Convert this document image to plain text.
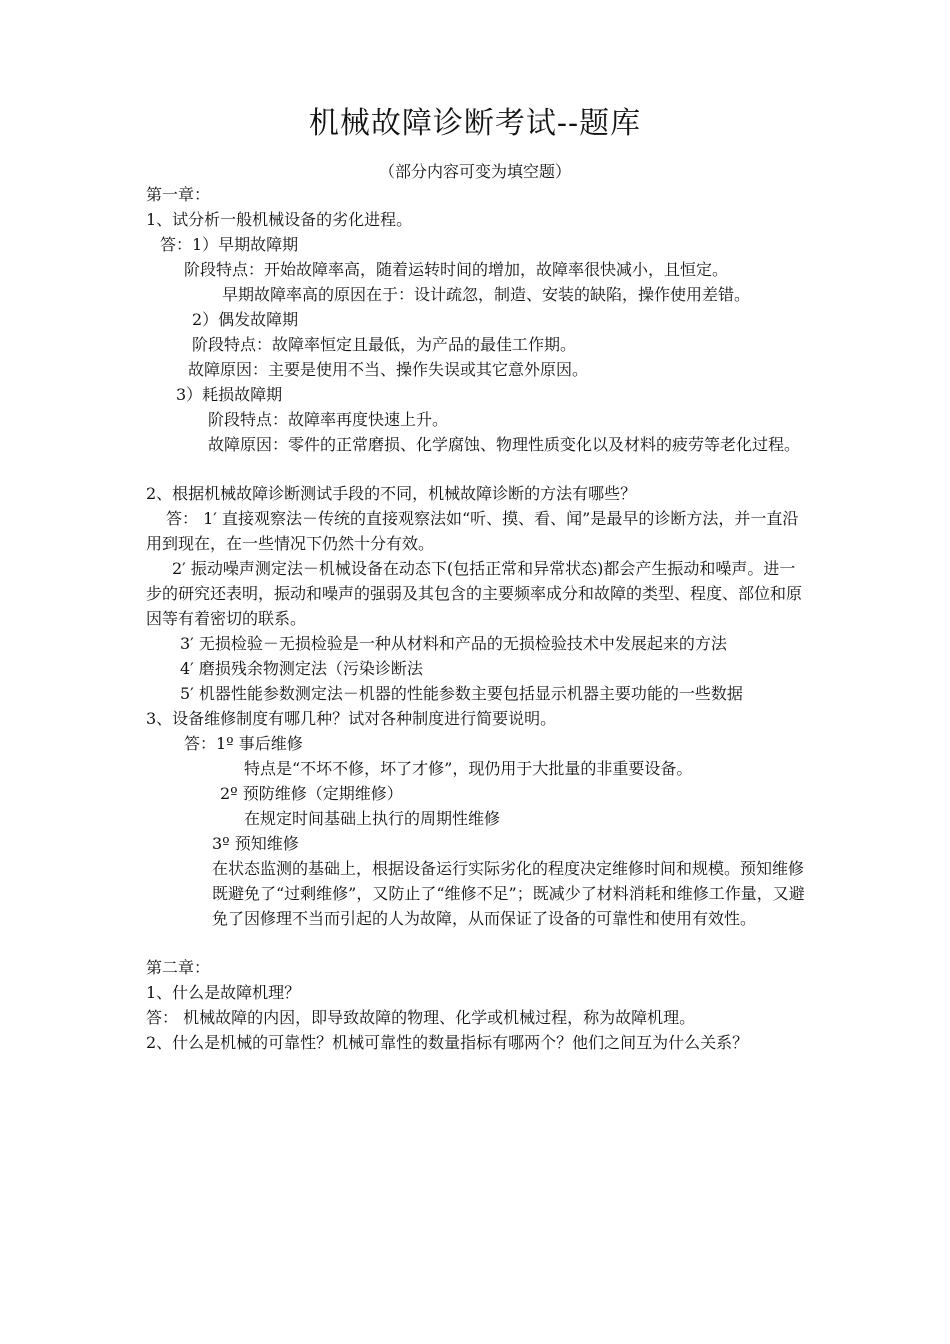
机械故障诊断考试--题库
（部分内容可变为填空题）

第一章：

1、试分析一般机械设备的劣化进程。

答：1）早期故障期

阶段特点：开始故障率高，随着运转时间的增加，故障率很快减小，且恒定。

早期故障率高的原因在于：设计疏忽，制造、安装的缺陷，操作使用差错。

2）偶发故障期

阶段特点：故障率恒定且最低，为产品的最佳工作期。

故障原因：主要是使用不当、操作失误或其它意外原因。

3）耗损故障期

阶段特点：故障率再度快速上升。

故障原因：零件的正常磨损、化学腐蚀、物理性质变化以及材料的疲劳等老化过程。

2、根据机械故障诊断测试手段的不同，机械故障诊断的方法有哪些？

答： 1′ 直接观察法－传统的直接观察法如“听、摸、看、闻”是最早的诊断方法，并一直沿用到现在，在一些情况下仍然十分有效。

2′ 振动噪声测定法－机械设备在动态下(包括正常和异常状态)都会产生振动和噪声。进一步的研究还表明，振动和噪声的强弱及其包含的主要频率成分和故障的类型、程度、部位和原因等有着密切的联系。

3′ 无损检验－无损检验是一种从材料和产品的无损检验技术中发展起来的方法

4′ 磨损残余物测定法（污染诊断法

5′ 机器性能参数测定法－机器的性能参数主要包括显示机器主要功能的一些数据

3、设备维修制度有哪几种？试对各种制度进行简要说明。

答：1º 事后维修

特点是“不坏不修，坏了才修”，现仍用于大批量的非重要设备。

2º 预防维修（定期维修）

在规定时间基础上执行的周期性维修

3º 预知维修

在状态监测的基础上，根据设备运行实际劣化的程度决定维修时间和规模。预知维修既避免了“过剩维修”，又防止了“维修不足”；既减少了材料消耗和维修工作量，又避免了因修理不当而引起的人为故障，从而保证了设备的可靠性和使用有效性。

第二章：

1、什么是故障机理？

答： 机械故障的内因，即导致故障的物理、化学或机械过程，称为故障机理。

2、什么是机械的可靠性？机械可靠性的数量指标有哪两个？他们之间互为什么关系？
